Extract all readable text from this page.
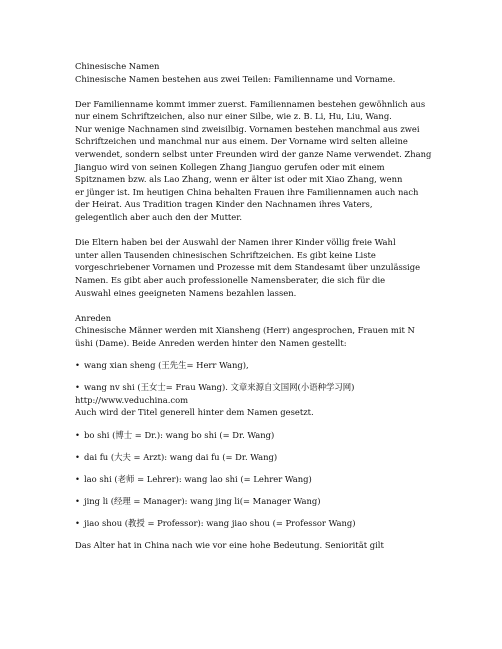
Chinesische Namen

Chinesische Namen bestehen aus zwei Teilen: Familienname und Vorname.

Der Familienname kommt immer zuerst. Familiennamen bestehen gewöhnlich aus

nur einem Schriftzeichen, also nur einer Silbe, wie z. B. Li, Hu, Liu, Wang.

Nur wenige Nachnamen sind zweisilbig. Vornamen bestehen manchmal aus zwei

Schriftzeichen und manchmal nur aus einem. Der Vorname wird selten alleine

verwendet, sondern selbst unter Freunden wird der ganze Name verwendet. Zhang

Jianguo wird von seinen Kollegen Zhang Jianguo gerufen oder mit einem

Spitznamen bzw. als Lao Zhang, wenn er älter ist oder mit Xiao Zhang, wenn

er jünger ist. Im heutigen China behalten Frauen ihre Familiennamen auch nach

der Heirat. Aus Tradition tragen Kinder den Nachnamen ihres Vaters,

gelegentlich aber auch den der Mutter.

Die Eltern haben bei der Auswahl der Namen ihrer Kinder völlig freie Wahl

unter allen Tausenden chinesischen Schriftzeichen. Es gibt keine Liste

vorgeschriebener Vornamen und Prozesse mit dem Standesamt über unzulässige

Namen. Es gibt aber auch professionelle Namensberater, die sich für die

Auswahl eines geeigneten Namens bezahlen lassen.

Anreden

Chinesische Männer werden mit Xiansheng (Herr) angesprochen, Frauen mit N

üshi (Dame). Beide Anreden werden hinter den Namen gestellt:

• wang xian sheng (王先生= Herr Wang),

• wang nv shi (王女士= Frau Wang). 文章来源自文国网(小语种学习网)

http://www.veduchina.com

Auch wird der Titel generell hinter dem Namen gesetzt.

• bo shi (博士 = Dr.): wang bo shi (= Dr. Wang)

• dai fu (大夫 = Arzt): wang dai fu (= Dr. Wang)

• lao shi (老师 = Lehrer): wang lao shi (= Lehrer Wang)

• jing li (经理 = Manager): wang jing li(= Manager Wang)

• jiao shou (教授 = Professor): wang jiao shou (= Professor Wang)

Das Alter hat in China nach wie vor eine hohe Bedeutung. Seniorität gilt
